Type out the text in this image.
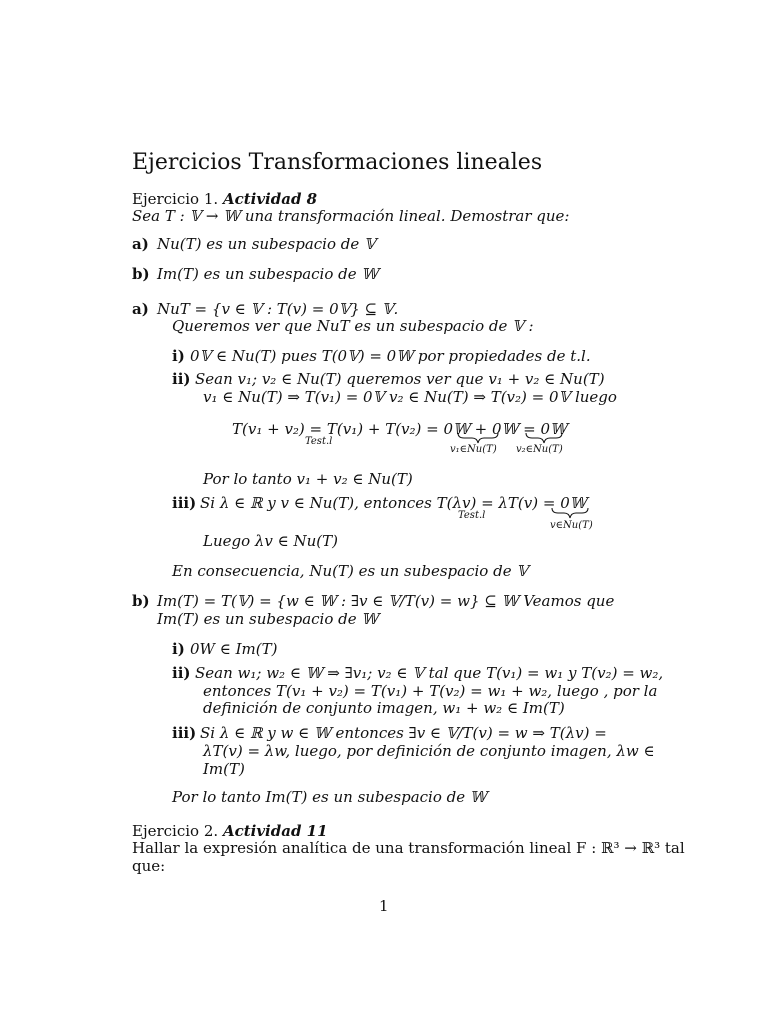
Ejercicios Transformaciones lineales
Ejercicio 1. Actividad 8
Sea T : 𝕍 → 𝕎 una transformación lineal. Demostrar que:
a) Nu(T) es un subespacio de 𝕍
b) Im(T) es un subespacio de 𝕎
a) NuT = {v ∈ 𝕍 : T(v) = 0𝕍} ⊆ 𝕍.
Queremos ver que NuT es un subespacio de 𝕍 :
i) 0𝕍 ∈ Nu(T) pues T(0𝕍) = 0𝕎 por propiedades de t.l.
ii) Sean v₁; v₂ ∈ Nu(T) queremos ver que v₁ + v₂ ∈ Nu(T)
v₁ ∈ Nu(T) ⇒ T(v₁) = 0𝕍 v₂ ∈ Nu(T) ⇒ T(v₂) = 0𝕍 luego
T(v₁ + v₂) = T(v₁) + T(v₂) = 0𝕎 + 0𝕎 = 0𝕎
Test.l
v₁∈Nu(T) v₂∈Nu(T)
Por lo tanto v₁ + v₂ ∈ Nu(T)
iii) Si λ ∈ ℝ y v ∈ Nu(T), entonces T(λv) = λT(v) = 0𝕎
Test.l
v∈Nu(T)
Luego λv ∈ Nu(T)
En consecuencia, Nu(T) es un subespacio de 𝕍
b) Im(T) = T(𝕍) = {w ∈ 𝕎 : ∃v ∈ 𝕍/T(v) = w} ⊆ 𝕎 Veamos que
Im(T) es un subespacio de 𝕎
i) 0W ∈ Im(T)
ii) Sean w₁; w₂ ∈ 𝕎 ⇒ ∃v₁; v₂ ∈ 𝕍 tal que T(v₁) = w₁ y T(v₂) = w₂,
entonces T(v₁ + v₂) = T(v₁) + T(v₂) = w₁ + w₂, luego , por la
definición de conjunto imagen, w₁ + w₂ ∈ Im(T)
iii) Si λ ∈ ℝ y w ∈ 𝕎 entonces ∃v ∈ 𝕍/T(v) = w ⇒ T(λv) =
λT(v) = λw, luego, por definición de conjunto imagen, λw ∈
Im(T)
Por lo tanto Im(T) es un subespacio de 𝕎
Ejercicio 2. Actividad 11
Hallar la expresión analítica de una transformación lineal F : ℝ³ → ℝ³ tal
que:
1
